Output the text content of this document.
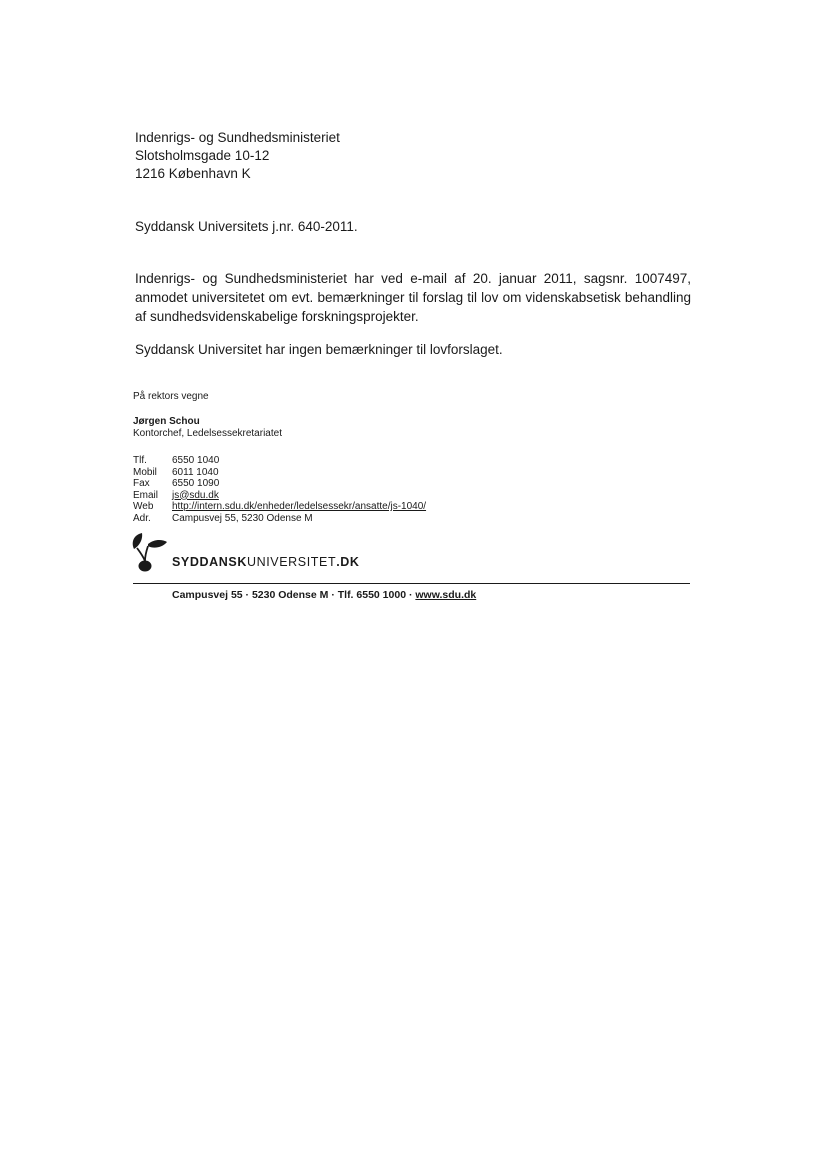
Indenrigs- og Sundhedsministeriet
Slotsholmsgade 10-12
1216 København K
Syddansk Universitets j.nr. 640-2011.
Indenrigs- og Sundhedsministeriet har ved e-mail af 20. januar 2011, sagsnr. 1007497, anmodet universitetet om evt. bemærkninger til forslag til lov om videnskabsetisk behandling af sundhedsvidenskabelige forskningsprojekter.
Syddansk Universitet har ingen bemærkninger til lovforslaget.
På rektors vegne
Jørgen Schou
Kontorchef, Ledelsessekretariatet
Tlf.	6550 1040
Mobil	6011 1040
Fax	6550 1090
Email	js@sdu.dk
Web	http://intern.sdu.dk/enheder/ledelsessekr/ansatte/js-1040/
Adr.	Campusvej 55, 5230 Odense M
SYDDANSKUNIVERSITET.DK
Campusvej 55 · 5230 Odense M · Tlf. 6550 1000 · www.sdu.dk
